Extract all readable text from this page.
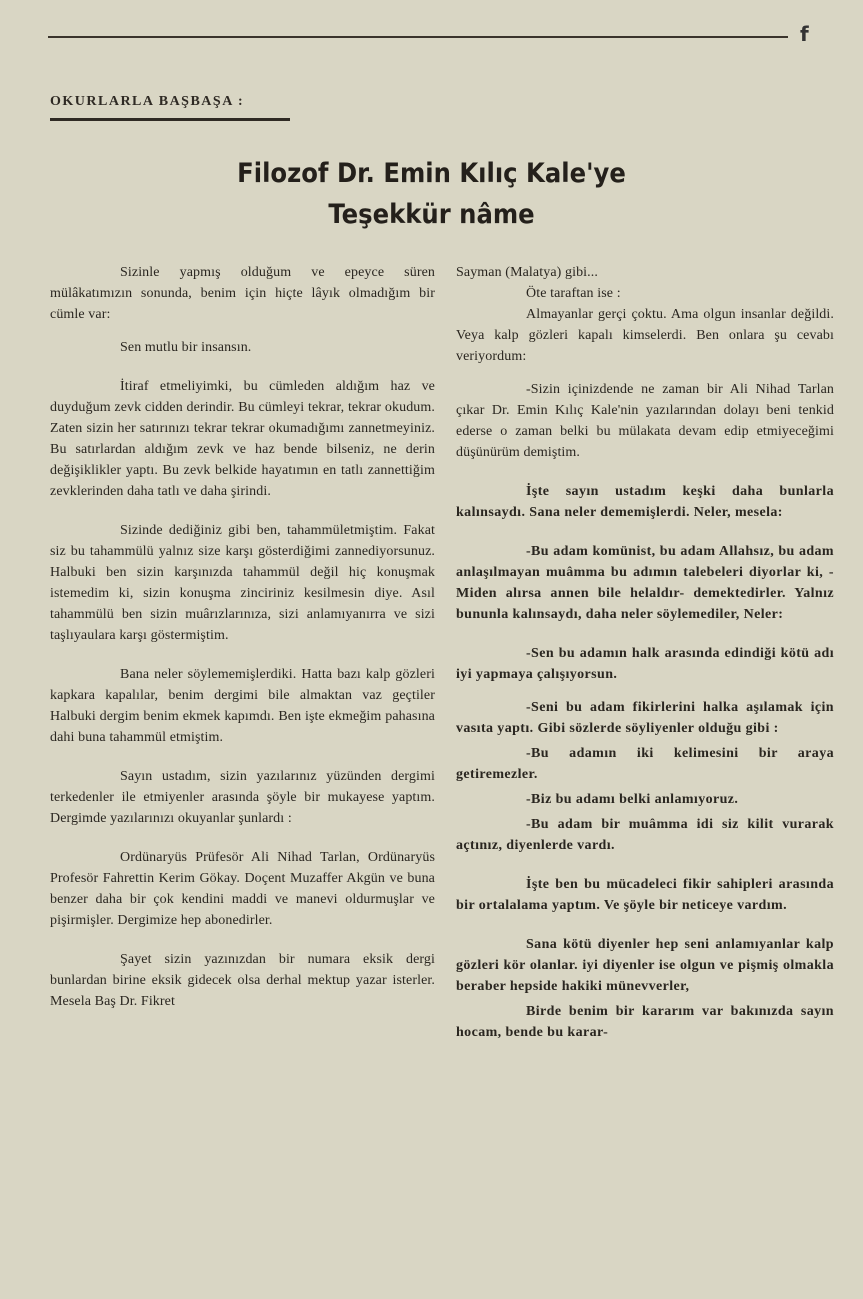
f
OKURLARLA BAŞBAŞA :
Filozof Dr. Emin Kılıç Kale'ye
Teşekkür nâme

Sizinle yapmış olduğum ve epeyce süren mülâkatımızın sonunda, benim için hiçte lâyık olmadığım bir cümle var:

Sen mutlu bir insansın.

İtiraf etmeliyimki, bu cümleden aldığım haz ve duyduğum zevk cidden derindir. Bu cümleyi tekrar, tekrar okudum. Zaten sizin her satırınızı tekrar tekrar okumadığımı zannetmeyiniz. Bu satırlardan aldığım zevk ve haz bende bilseniz, ne derin değişiklikler yaptı. Bu zevk belkide hayatımın en tatlı zannettiğim zevklerinden daha tatlı ve daha şirindi.

Sizinde dediğiniz gibi ben, tahammületmiştim. Fakat siz bu tahammülü yalnız size karşı gösterdiğimi zannediyorsunuz. Halbuki ben sizin karşınızda tahammül değil hiç konuşmak istemedim ki, sizin konuşma zinciriniz kesilmesin diye. Asıl tahammülü ben sizin muârızlarınıza, sizi anlamıyanırra ve sizi taşlıyaulara karşı göstermiştim.

Bana neler söylememişlerdiki. Hatta bazı kalp gözleri kapkara kapalılar, benim dergimi bile almaktan vaz geçtiler Halbuki dergim benim ekmek kapımdı. Ben işte ekmeğim pahasına dahi buna tahammül etmiştim.

Sayın ustadım, sizin yazılarınız yüzünden dergimi terkedenler ile etmiyenler arasında şöyle bir mukayese yaptım. Dergimde yazılarınızı okuyanlar şunlardı :

Ordünaryüs Prüfesör Ali Nihad Tarlan, Ordünaryüs Profesör Fahrettin Kerim Gökay. Doçent Muzaffer Akgün ve buna benzer daha bir çok kendini maddi ve manevi oldurmuşlar ve pişirmişler. Dergimize hep abonedirler.

Şayet sizin yazınızdan bir numara eksik dergi bunlardan birine eksik gidecek olsa derhal mektup yazar isterler. Mesela Baş Dr. Fikret

Sayman (Malatya) gibi...

Öte taraftan ise :

Almayanlar gerçi çoktu. Ama olgun insanlar değildi. Veya kalp gözleri kapalı kimselerdi. Ben onlara şu cevabı veriyordum:

-Sizin içinizdende ne zaman bir Ali Nihad Tarlan çıkar Dr. Emin Kılıç Kale'nin yazılarından dolayı beni tenkid ederse o zaman belki bu mülakata devam edip etmiyeceğimi düşünürüm demiştim.

İşte sayın ustadım keşki daha bunlarla kalınsaydı. Sana neler dememişlerdi. Neler, mesela:

-Bu adam komünist, bu adam Allahsız, bu adam anlaşılmayan muâmma bu adımın talebeleri diyorlar ki, -Miden alırsa annen bile helaldır- demektedirler. Yalnız bununla kalınsaydı, daha neler söylemediler, Neler:

-Sen bu adamın halk arasında edindiği kötü adı iyi yapmaya çalışıyorsun.

-Seni bu adam fikirlerini halka aşılamak için vasıta yaptı. Gibi sözlerde söyliyenler olduğu gibi :

-Bu adamın iki kelimesini bir araya getiremezler.

-Biz bu adamı belki anlamıyoruz.

-Bu adam bir muâmma idi siz kilit vurarak açtınız, diyenlerde vardı.

İşte ben bu mücadeleci fikir sahipleri arasında bir ortalalama yaptım. Ve şöyle bir neticeye vardım.

Sana kötü diyenler hep seni anlamıyanlar kalp gözleri kör olanlar. iyi diyenler ise olgun ve pişmiş olmakla beraber hepside hakiki münevverler,

Birde benim bir kararım var bakınızda sayın hocam, bende bu karar-
